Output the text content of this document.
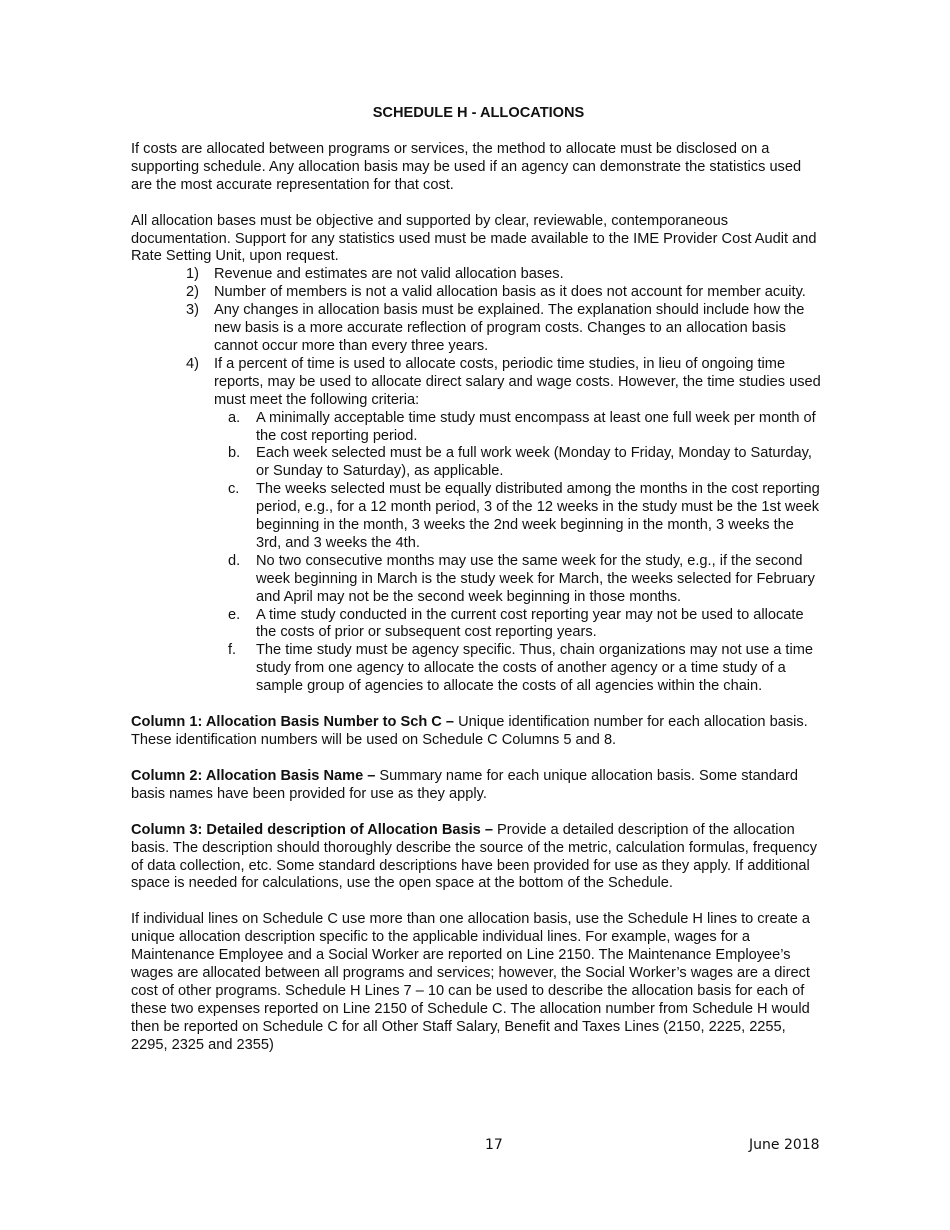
SCHEDULE H - ALLOCATIONS

If costs are allocated between programs or services, the method to allocate must be disclosed on a supporting schedule. Any allocation basis may be used if an agency can demonstrate the statistics used are the most accurate representation for that cost.

All allocation bases must be objective and supported by clear, reviewable, contemporaneous documentation. Support for any statistics used must be made available to the IME Provider Cost Audit and Rate Setting Unit, upon request.

1) Revenue and estimates are not valid allocation bases.
2) Number of members is not a valid allocation basis as it does not account for member acuity.
3) Any changes in allocation basis must be explained. The explanation should include how the new basis is a more accurate reflection of program costs. Changes to an allocation basis cannot occur more than every three years.
4) If a percent of time is used to allocate costs, periodic time studies, in lieu of ongoing time reports, may be used to allocate direct salary and wage costs. However, the time studies used must meet the following criteria:
a. A minimally acceptable time study must encompass at least one full week per month of the cost reporting period.
b. Each week selected must be a full work week (Monday to Friday, Monday to Saturday, or Sunday to Saturday), as applicable.
c. The weeks selected must be equally distributed among the months in the cost reporting period, e.g., for a 12 month period, 3 of the 12 weeks in the study must be the 1st week beginning in the month, 3 weeks the 2nd week beginning in the month, 3 weeks the 3rd, and 3 weeks the 4th.
d. No two consecutive months may use the same week for the study, e.g., if the second week beginning in March is the study week for March, the weeks selected for February and April may not be the second week beginning in those months.
e. A time study conducted in the current cost reporting year may not be used to allocate the costs of prior or subsequent cost reporting years.
f. The time study must be agency specific. Thus, chain organizations may not use a time study from one agency to allocate the costs of another agency or a time study of a sample group of agencies to allocate the costs of all agencies within the chain.

Column 1: Allocation Basis Number to Sch C – Unique identification number for each allocation basis. These identification numbers will be used on Schedule C Columns 5 and 8.

Column 2: Allocation Basis Name – Summary name for each unique allocation basis. Some standard basis names have been provided for use as they apply.

Column 3: Detailed description of Allocation Basis – Provide a detailed description of the allocation basis. The description should thoroughly describe the source of the metric, calculation formulas, frequency of data collection, etc. Some standard descriptions have been provided for use as they apply. If additional space is needed for calculations, use the open space at the bottom of the Schedule.

If individual lines on Schedule C use more than one allocation basis, use the Schedule H lines to create a unique allocation description specific to the applicable individual lines. For example, wages for a Maintenance Employee and a Social Worker are reported on Line 2150. The Maintenance Employee’s wages are allocated between all programs and services; however, the Social Worker’s wages are a direct cost of other programs. Schedule H Lines 7 – 10 can be used to describe the allocation basis for each of these two expenses reported on Line 2150 of Schedule C. The allocation number from Schedule H would then be reported on Schedule C for all Other Staff Salary, Benefit and Taxes Lines (2150, 2225, 2255, 2295, 2325 and 2355)

17	June 2018
